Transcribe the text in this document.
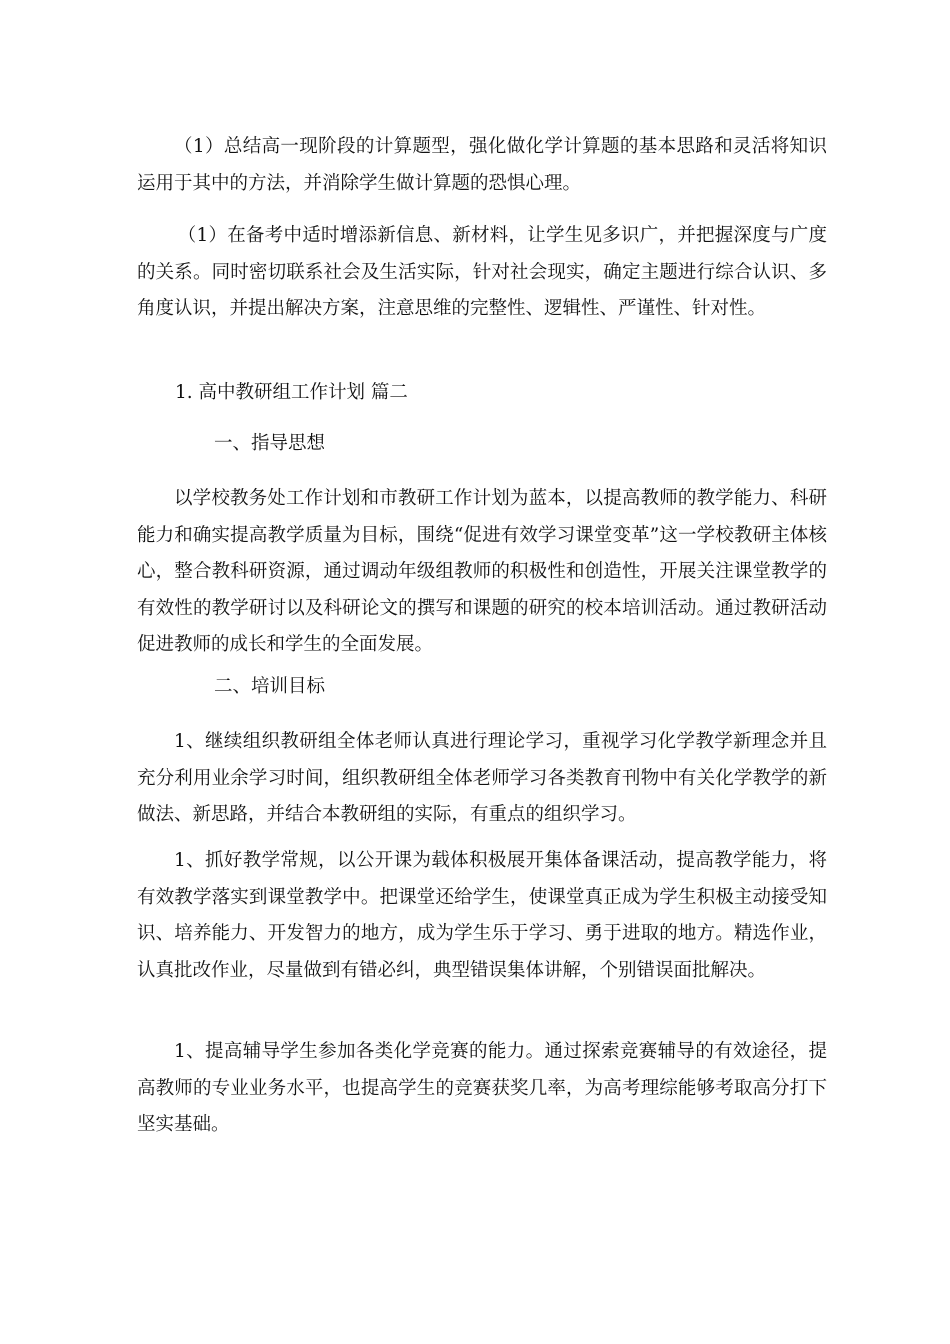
（1）总结高一现阶段的计算题型，强化做化学计算题的基本思路和灵活将知识运用于其中的方法，并消除学生做计算题的恐惧心理。

（1）在备考中适时增添新信息、新材料，让学生见多识广，并把握深度与广度的关系。同时密切联系社会及生活实际，针对社会现实，确定主题进行综合认识、多角度认识，并提出解决方案，注意思维的完整性、逻辑性、严谨性、针对性。

1. 高中教研组工作计划 篇二

一、指导思想

以学校教务处工作计划和市教研工作计划为蓝本，以提高教师的教学能力、科研能力和确实提高教学质量为目标，围绕“促进有效学习课堂变革”这一学校教研主体核心，整合教科研资源，通过调动年级组教师的积极性和创造性，开展关注课堂教学的有效性的教学研讨以及科研论文的撰写和课题的研究的校本培训活动。通过教研活动促进教师的成长和学生的全面发展。

二、培训目标

1、继续组织教研组全体老师认真进行理论学习，重视学习化学教学新理念并且充分利用业余学习时间，组织教研组全体老师学习各类教育刊物中有关化学教学的新做法、新思路，并结合本教研组的实际，有重点的组织学习。

1、抓好教学常规，以公开课为载体积极展开集体备课活动，提高教学能力，将有效教学落实到课堂教学中。把课堂还给学生，使课堂真正成为学生积极主动接受知识、培养能力、开发智力的地方，成为学生乐于学习、勇于进取的地方。精选作业，认真批改作业，尽量做到有错必纠，典型错误集体讲解，个别错误面批解决。

1、提高辅导学生参加各类化学竞赛的能力。通过探索竞赛辅导的有效途径，提高教师的专业业务水平，也提高学生的竞赛获奖几率，为高考理综能够考取高分打下坚实基础。
